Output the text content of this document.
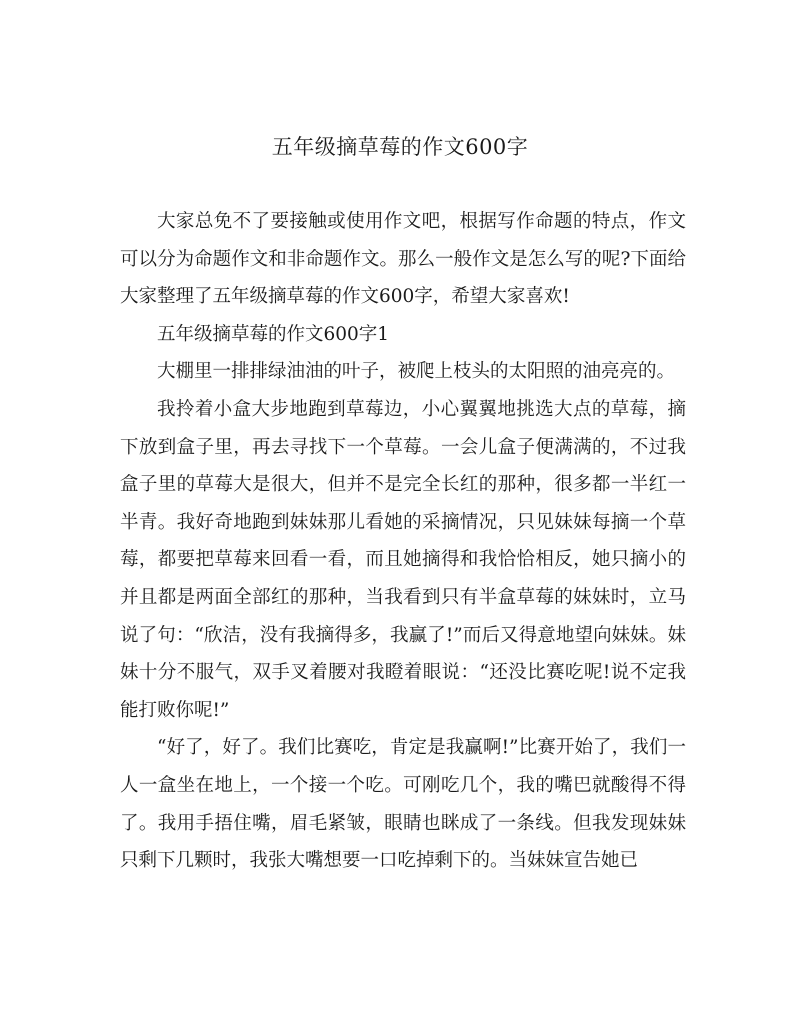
五年级摘草莓的作文600字

大家总免不了要接触或使用作文吧，根据写作命题的特点，作文可以分为命题作文和非命题作文。那么一般作文是怎么写的呢?下面给大家整理了五年级摘草莓的作文600字，希望大家喜欢!

五年级摘草莓的作文600字1

大棚里一排排绿油油的叶子，被爬上枝头的太阳照的油亮亮的。

我拎着小盒大步地跑到草莓边，小心翼翼地挑选大点的草莓，摘下放到盒子里，再去寻找下一个草莓。一会儿盒子便满满的，不过我盒子里的草莓大是很大，但并不是完全长红的那种，很多都一半红一半青。我好奇地跑到妹妹那儿看她的采摘情况，只见妹妹每摘一个草莓，都要把草莓来回看一看，而且她摘得和我恰恰相反，她只摘小的并且都是两面全部红的那种，当我看到只有半盒草莓的妹妹时，立马说了句：“欣洁，没有我摘得多，我赢了!”而后又得意地望向妹妹。妹妹十分不服气，双手叉着腰对我瞪着眼说：“还没比赛吃呢!说不定我能打败你呢!”

“好了，好了。我们比赛吃，肯定是我赢啊!”比赛开始了，我们一人一盒坐在地上，一个接一个吃。可刚吃几个，我的嘴巴就酸得不得了。我用手捂住嘴，眉毛紧皱，眼睛也眯成了一条线。但我发现妹妹只剩下几颗时，我张大嘴想要一口吃掉剩下的。当妹妹宣告她已
